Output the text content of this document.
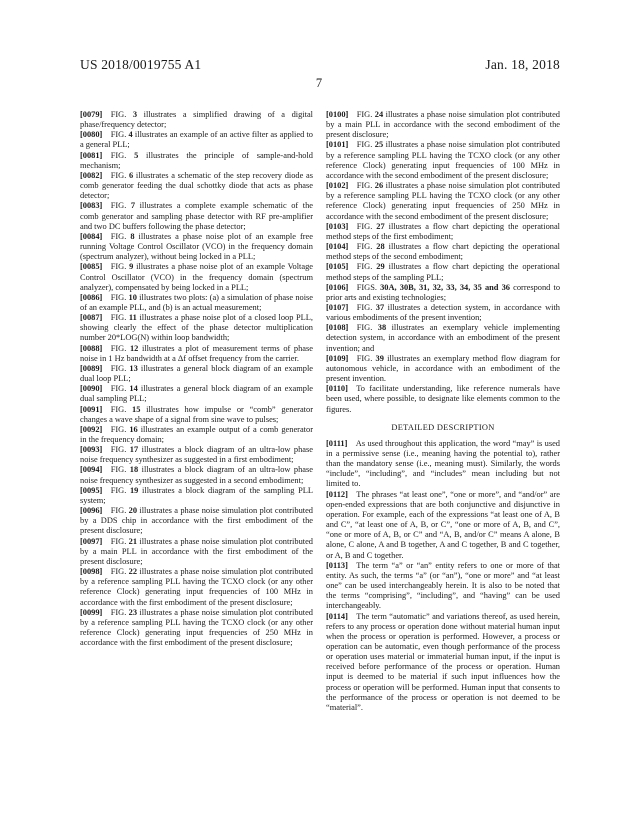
US 2018/0019755 A1	Jan. 18, 2018
7

[0079]  FIG. 3 illustrates a simplified drawing of a digital phase/frequency detector;

[0080]  FIG. 4 illustrates an example of an active filter as applied to a general PLL;

[0081]  FIG. 5 illustrates the principle of sample-and-hold mechanism;

[0082]  FIG. 6 illustrates a schematic of the step recovery diode as comb generator feeding the dual schottky diode that acts as phase detector;

[0083]  FIG. 7 illustrates a complete example schematic of the comb generator and sampling phase detector with RF pre-amplifier and two DC buffers following the phase detector;

[0084]  FIG. 8 illustrates a phase noise plot of an example free running Voltage Control Oscillator (VCO) in the frequency domain (spectrum analyzer), without being locked in a PLL;

[0085]  FIG. 9 illustrates a phase noise plot of an example Voltage Control Oscillator (VCO) in the frequency domain (spectrum analyzer), compensated by being locked in a PLL;

[0086]  FIG. 10 illustrates two plots: (a) a simulation of phase noise of an example PLL, and (b) is an actual measurement;

[0087]  FIG. 11 illustrates a phase noise plot of a closed loop PLL, showing clearly the effect of the phase detector multiplication number 20*LOG(N) within loop bandwidth;

[0088]  FIG. 12 illustrates a plot of measurement terms of phase noise in 1 Hz bandwidth at a Δf offset frequency from the carrier.

[0089]  FIG. 13 illustrates a general block diagram of an example dual loop PLL;

[0090]  FIG. 14 illustrates a general block diagram of an example dual sampling PLL;

[0091]  FIG. 15 illustrates how impulse or “comb” generator changes a wave shape of a signal from sine wave to pulses;

[0092]  FIG. 16 illustrates an example output of a comb generator in the frequency domain;

[0093]  FIG. 17 illustrates a block diagram of an ultra-low phase noise frequency synthesizer as suggested in a first embodiment;

[0094]  FIG. 18 illustrates a block diagram of an ultra-low phase noise frequency synthesizer as suggested in a second embodiment;

[0095]  FIG. 19 illustrates a block diagram of the sampling PLL system;

[0096]  FIG. 20 illustrates a phase noise simulation plot contributed by a DDS chip in accordance with the first embodiment of the present disclosure;

[0097]  FIG. 21 illustrates a phase noise simulation plot contributed by a main PLL in accordance with the first embodiment of the present disclosure;

[0098]  FIG. 22 illustrates a phase noise simulation plot contributed by a reference sampling PLL having the TCXO clock (or any other reference Clock) generating input frequencies of 100 MHz in accordance with the first embodiment of the present disclosure;

[0099]  FIG. 23 illustrates a phase noise simulation plot contributed by a reference sampling PLL having the TCXO clock (or any other reference Clock) generating input frequencies of 250 MHz in accordance with the first embodiment of the present disclosure;

[0100]  FIG. 24 illustrates a phase noise simulation plot contributed by a main PLL in accordance with the second embodiment of the present disclosure;

[0101]  FIG. 25 illustrates a phase noise simulation plot contributed by a reference sampling PLL having the TCXO clock (or any other reference Clock) generating input frequencies of 100 MHz in accordance with the second embodiment of the present disclosure;

[0102]  FIG. 26 illustrates a phase noise simulation plot contributed by a reference sampling PLL having the TCXO clock (or any other reference Clock) generating input frequencies of 250 MHz in accordance with the second embodiment of the present disclosure;

[0103]  FIG. 27 illustrates a flow chart depicting the operational method steps of the first embodiment;

[0104]  FIG. 28 illustrates a flow chart depicting the operational method steps of the second embodiment;

[0105]  FIG. 29 illustrates a flow chart depicting the operational method steps of the sampling PLL;

[0106]  FIGS. 30A, 30B, 31, 32, 33, 34, 35 and 36 correspond to prior arts and existing technologies;

[0107]  FIG. 37 illustrates a detection system, in accordance with various embodiments of the present invention;

[0108]  FIG. 38 illustrates an exemplary vehicle implementing detection system, in accordance with an embodiment of the present invention; and

[0109]  FIG. 39 illustrates an exemplary method flow diagram for autonomous vehicle, in accordance with an embodiment of the present invention.

[0110]  To facilitate understanding, like reference numerals have been used, where possible, to designate like elements common to the figures.

DETAILED DESCRIPTION

[0111]  As used throughout this application, the word “may” is used in a permissive sense (i.e., meaning having the potential to), rather than the mandatory sense (i.e., meaning must). Similarly, the words “include”, “including”, and “includes” mean including but not limited to.

[0112]  The phrases “at least one”, “one or more”, and “and/or” are open-ended expressions that are both conjunctive and disjunctive in operation. For example, each of the expressions “at least one of A, B and C”, “at least one of A, B, or C”, “one or more of A, B, and C”, “one or more of A, B, or C” and “A, B, and/or C” means A alone, B alone, C alone, A and B together, A and C together, B and C together, or A, B and C together.

[0113]  The term “a” or “an” entity refers to one or more of that entity. As such, the terms “a” (or “an”), “one or more” and “at least one” can be used interchangeably herein. It is also to be noted that the terms “comprising”, “including”, and “having” can be used interchangeably.

[0114]  The term “automatic” and variations thereof, as used herein, refers to any process or operation done without material human input when the process or operation is performed. However, a process or operation can be automatic, even though performance of the process or operation uses material or immaterial human input, if the input is received before performance of the process or operation. Human input is deemed to be material if such input influences how the process or operation will be performed. Human input that consents to the performance of the process or operation is not deemed to be “material”.
